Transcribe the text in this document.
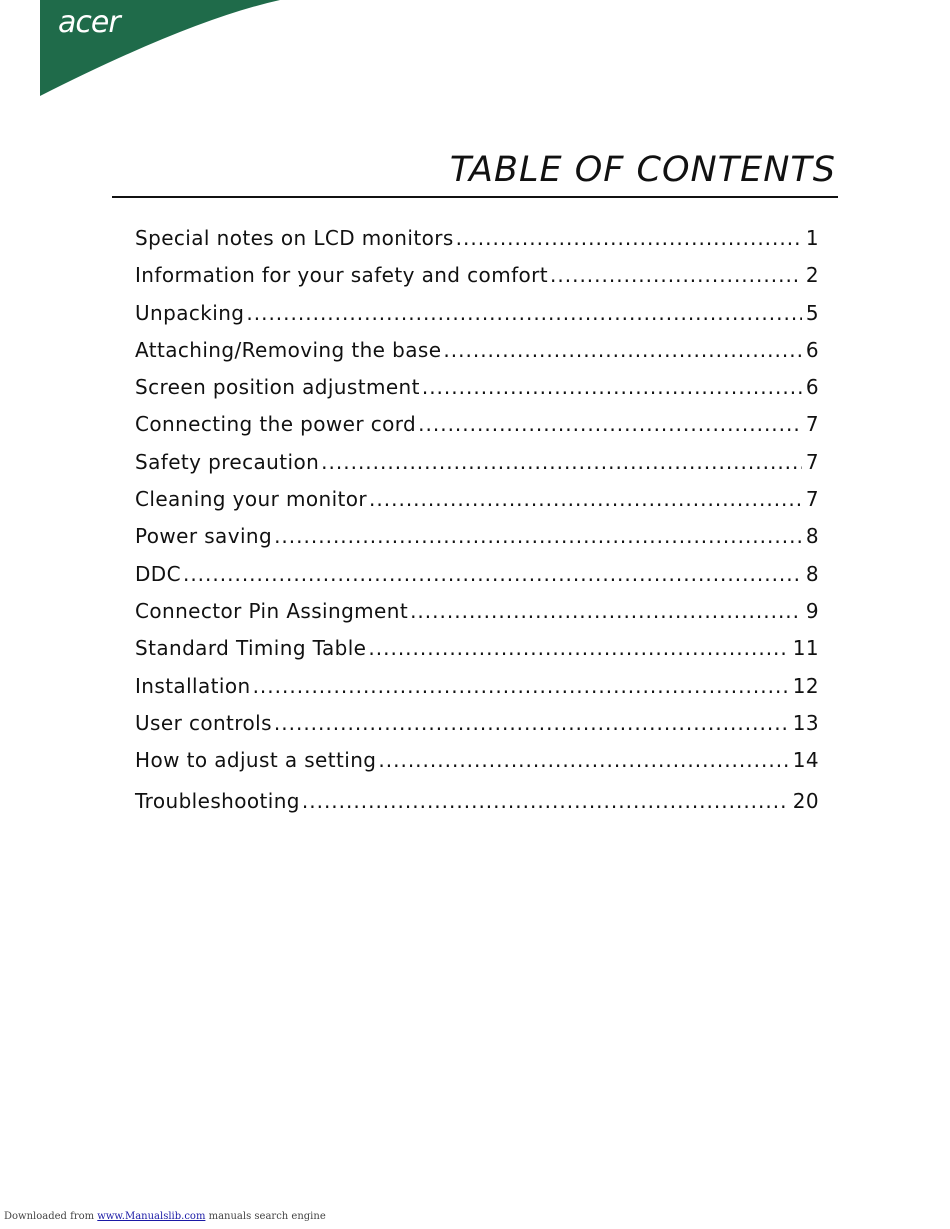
acer
TABLE OF CONTENTS
Special notes on LCD monitors .....	1
Information for your safety and comfort .....	2
Unpacking .....	5
Attaching/Removing the base .....	6
Screen position adjustment .....	6
Connecting the power cord .....	7
Safety precaution .....	7
Cleaning your monitor .....	7
Power saving .....	8
DDC .....	8
Connector Pin Assingment .....	9
Standard Timing Table .....	11
Installation .....	12
User controls .....	13
How to adjust a setting .....	14
Troubleshooting .....	20
Downloaded from www.Manualslib.com manuals search engine
